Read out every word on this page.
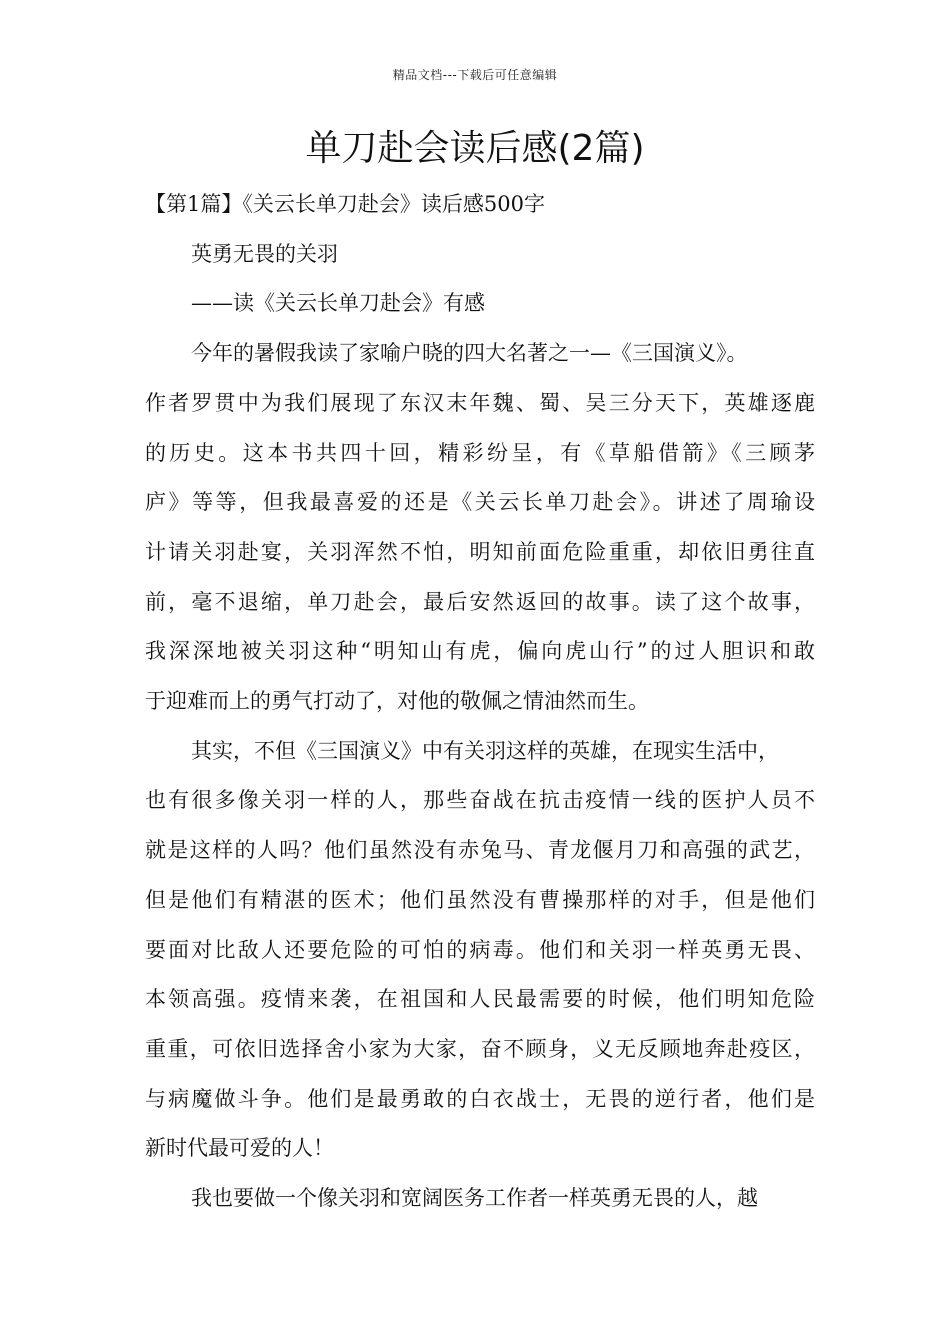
精品文档---下载后可任意编辑
单刀赴会读后感(2篇)

【第1篇】《关云长单刀赴会》读后感500字

英勇无畏的关羽

——读《关云长单刀赴会》有感

今年的暑假我读了家喻户晓的四大名著之一—《三国演义》。

作者罗贯中为我们展现了东汉末年魏、蜀、吴三分天下，英雄逐鹿

的历史。这本书共四十回，精彩纷呈，有《草船借箭》《三顾茅

庐》等等，但我最喜爱的还是《关云长单刀赴会》。讲述了周瑜设

计请关羽赴宴，关羽浑然不怕，明知前面危险重重，却依旧勇往直

前，毫不退缩，单刀赴会，最后安然返回的故事。读了这个故事，

我深深地被关羽这种“明知山有虎，偏向虎山行”的过人胆识和敢

于迎难而上的勇气打动了，对他的敬佩之情油然而生。

其实，不但《三国演义》中有关羽这样的英雄，在现实生活中，

也有很多像关羽一样的人，那些奋战在抗击疫情一线的医护人员不

就是这样的人吗？他们虽然没有赤兔马、青龙偃月刀和高强的武艺，

但是他们有精湛的医术；他们虽然没有曹操那样的对手，但是他们

要面对比敌人还要危险的可怕的病毒。他们和关羽一样英勇无畏、

本领高强。疫情来袭，在祖国和人民最需要的时候，他们明知危险

重重，可依旧选择舍小家为大家，奋不顾身，义无反顾地奔赴疫区，

与病魔做斗争。他们是最勇敢的白衣战士，无畏的逆行者，他们是

新时代最可爱的人！

我也要做一个像关羽和宽阔医务工作者一样英勇无畏的人，越
